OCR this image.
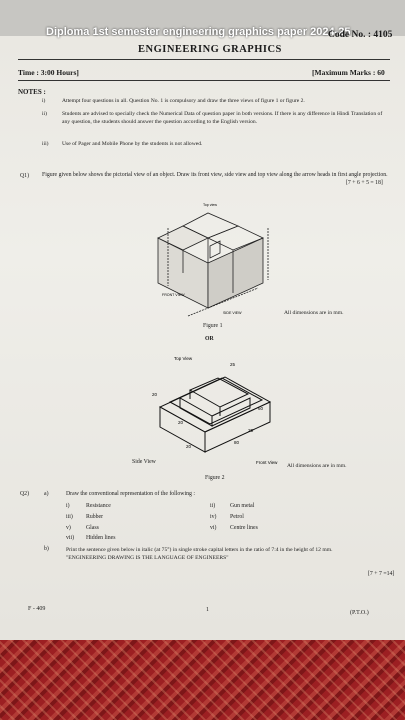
Diploma 1st semester engineering graphics paper 2024-25
Code No. : 4105
ENGINEERING GRAPHICS
Time : 3:00 Hours]	[Maximum Marks : 60
NOTES :
i)	Attempt four questions in all. Question No. 1 is compulsory and draw the three views of figure 1 or figure 2.
ii)	Students are advised to specially check the Numerical Data of question paper in both versions. If there is any difference in Hindi Translation of any question, the students should answer the question according to the English version.
iii)	Use of Pager and Mobile Phone by the students is not allowed.
Q1) Figure given below shows the pictorial view of an object. Draw its front view, side view and top view along the arrow heads in first angle projection.
[7 + 6 + 5 = 18]
Top view
FRONT VIEW
SIDE VIEW	All dimensions are in mm.
Figure 1
OR
Top View
25
20
20
60
20
80
25
Front View
Side View
All dimensions are in mm.
Figure 2
Q2)	a)	Draw the conventional representation of the following :
i)	Resistance	ii)	Gun metal
iii) Rubber	iv) Petrol
v)	Glass	vi) Centre lines
vii) Hidden lines
b)	Print the sentence given below in italic (at 75°) in single stroke capital letters in the ratio of 7:4 in the height of 12 mm.
"ENGINEERING DRAWING IS THE LANGUAGE OF ENGINEERS"
[7 + 7 =14]
F - 409	1	(P.T.O.)
